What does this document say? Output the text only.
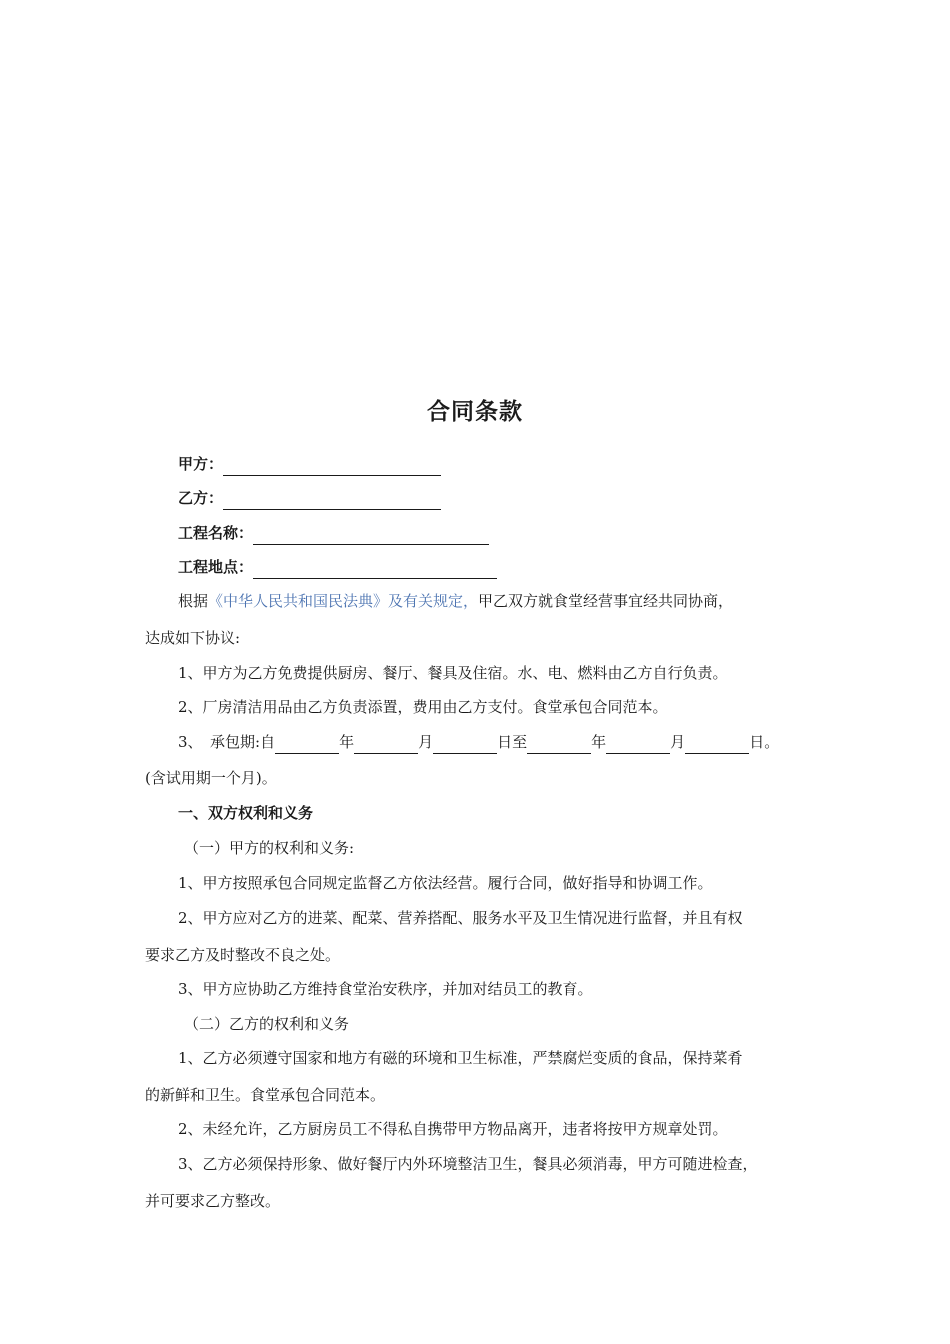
合同条款
甲方：
乙方：
工程名称：
工程地点：
根据《中华人民共和国民法典》及有关规定，甲乙双方就食堂经营事宜经共同协商，
达成如下协议:
1、甲方为乙方免费提供厨房、餐厅、餐具及住宿。水、电、燃料由乙方自行负责。
2、厂房清洁用品由乙方负责添置，费用由乙方支付。食堂承包合同范本。
3、　承包期:自	年	月	日至	年	月	日。
(含试用期一个月)。
一、双方权利和义务
（一）甲方的权利和义务:
1、甲方按照承包合同规定监督乙方依法经营。履行合同，做好指导和协调工作。
2、甲方应对乙方的进菜、配菜、营养搭配、服务水平及卫生情况进行监督，并且有权
要求乙方及时整改不良之处。
3、甲方应协助乙方维持食堂治安秩序，并加对结员工的教育。
（二）乙方的权利和义务
1、乙方必须遵守国家和地方有磁的环境和卫生标准，严禁腐烂变质的食品，保持菜肴
的新鲜和卫生。食堂承包合同范本。
2、未经允许，乙方厨房员工不得私自携带甲方物品离开，违者将按甲方规章处罚。
3、乙方必须保持形象、做好餐厅内外环境整洁卫生，餐具必须消毒，甲方可随进检查，
并可要求乙方整改。
